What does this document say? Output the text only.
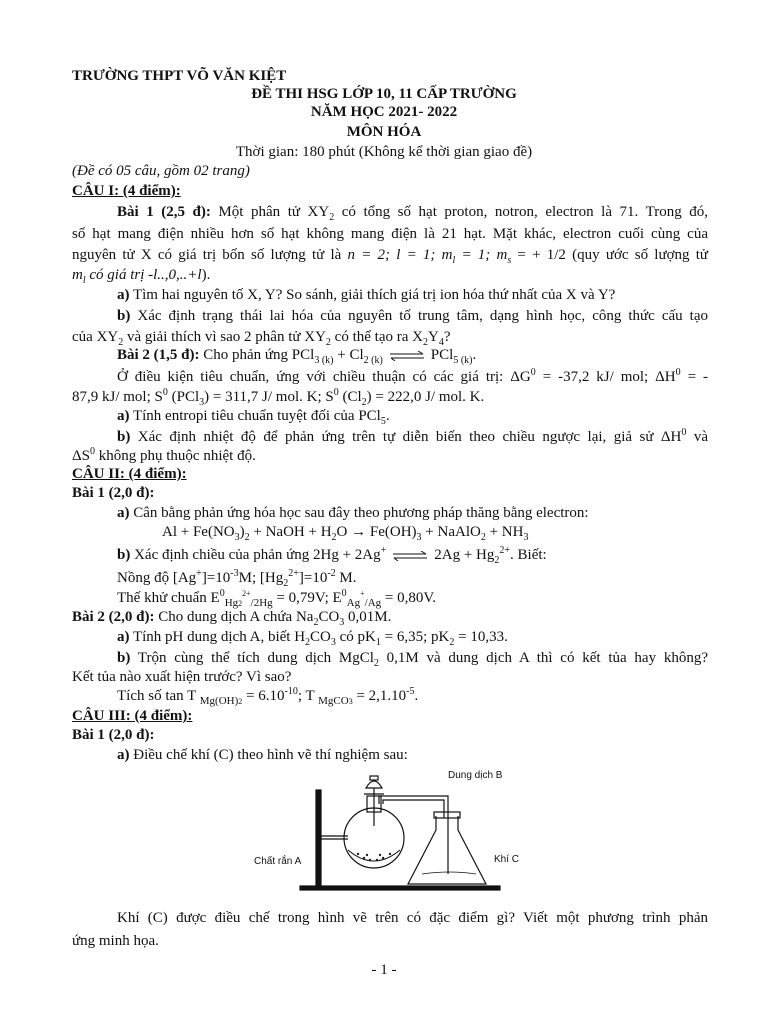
TRƯỜNG THPT VÕ VĂN KIỆT
ĐỀ THI HSG LỚP 10, 11 CẤP TRƯỜNG
NĂM HỌC 2021- 2022
MÔN HÓA
Thời gian: 180 phút (Không kể thời gian giao đề)
(Đề có 05 câu, gồm 02 trang)
CÂU I: (4 điểm):
Bài 1 (2,5 đ): Một phân tử $XY_2$ có tổng số hạt proton, notron, electron là 71. Trong đó,
số hạt mang điện nhiều hơn số hạt không mang điện là 21 hạt. Mặt khác, electron cuối cùng của
nguyên tử X có giá trị bốn số lượng tử là n = 2; l = 1; $m_l = 1$; $m_s$ = + 1/2 (quy ước số lượng tử
$m_l$ có giá trị -l..,0,..+l).
a) Tìm hai nguyên tố X, Y? So sánh, giải thích giá trị ion hóa thứ nhất của X và Y?
b) Xác định trạng thái lai hóa của nguyên tố trung tâm, dạng hình học, công thức cấu tạo
của $XY_2$ và giải thích vì sao 2 phân tử $XY_2$ có thể tạo ra $X_2Y_4$?
Bài 2 (1,5 đ): Cho phản ứng $PCl_{3 (k)} + Cl_{2 (k)}$ ⇌ PCl$_{5 (k)}$.
Ở điều kiện tiêu chuẩn, ứng với chiều thuận có các giá trị: $\Delta G^0 = -37,2$ kJ/ mol; $\Delta H^0$ = -
87,9 kJ/ mol; $S^0$ (PCl$_3$) = 311,7 J/ mol. K; $S^0$ $(Cl_2) = 222,0$ J/ mol. K.
a) Tính entropi tiêu chuẩn tuyệt đối của PCl$_5$.
b) Xác định nhiệt độ để phản ứng trên tự diễn biến theo chiều ngược lại, giả sử $\Delta H^0$ và
$\Delta S^0$ không phụ thuộc nhiệt độ.
CÂU II: (4 điểm):
Bài 1 (2,0 đ):
a) Cân bằng phản ứng hóa học sau đây theo phương pháp thăng bằng electron:
$Al + Fe(NO_3)_2$ + NaOH + $H_2O \to Fe(OH)_3$ + NaAlO$_2$ + $NH_3$
b) Xác định chiều của phản ứng 2Hg + 2Ag+ ⇌ $2Ag + Hg_2^{2+}$. Biết:
Nồng độ $[Ag^+]=10^{-3}M$; $[Hg_2^{2+}]=10^{-2}$ M.
Thế khử chuẩn $E^0_{Hg2}^{2+}_{/2Hg} = 0,79V$; $E^0_{Ag}^+_{/Ag} = 0,80V$.
Bài 2 (2,0 đ): Cho dung dịch A chứa $Na_2CO_3$ 0,01M.
a) Tính pH dung dịch A, biết $H_2CO_3$ có $pK_1 = 6,35$; $pK_2 = 10,33$.
b) Trộn cùng thể tích dung dịch MgCl$_2$ 0,1M và dung dịch A thì có kết tủa hay không?
Kết tủa nào xuất hiện trước? Vì sao?
Tích số tan T $_{Mg(OH)2} = 6.10^{-10}$; T $_{MgCO3} = 2,1.10^{-5}$.
CÂU III: (4 điểm):
Bài 1 (2,0 đ):
a) Điều chế khí (C) theo hình vẽ thí nghiệm sau:
Dung dịch B
Chất rắn A	Khí C
Khí (C) được điều chế trong hình vẽ trên có đặc điểm gì? Viết một phương trình phản
ứng minh họa.
- 1 -
